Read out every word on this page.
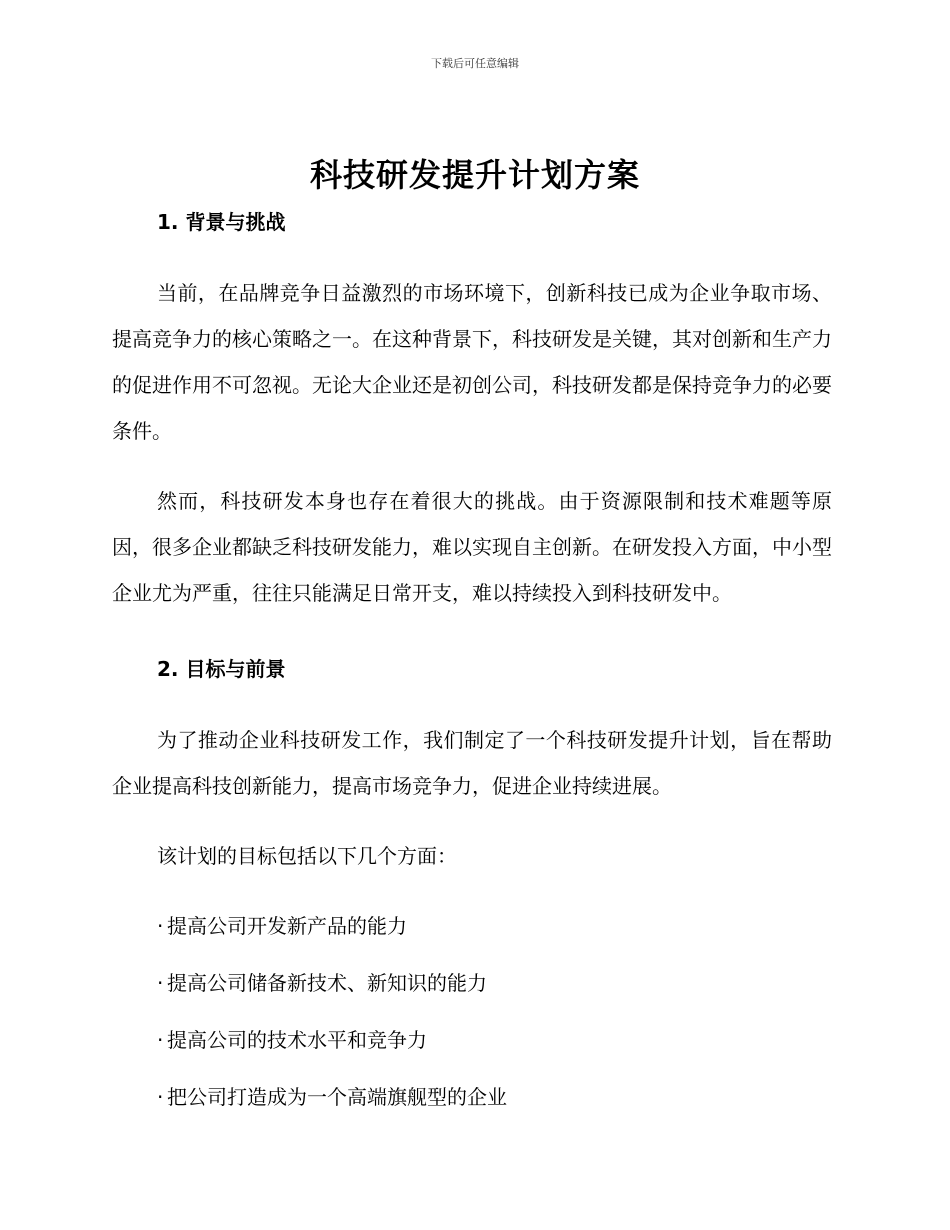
下载后可任意编辑
科技研发提升计划方案
1. 背景与挑战

当前，在品牌竞争日益激烈的市场环境下，创新科技已成为企业争取市场、提高竞争力的核心策略之一。在这种背景下，科技研发是关键，其对创新和生产力的促进作用不可忽视。无论大企业还是初创公司，科技研发都是保持竞争力的必要条件。

然而，科技研发本身也存在着很大的挑战。由于资源限制和技术难题等原因，很多企业都缺乏科技研发能力，难以实现自主创新。在研发投入方面，中小型企业尤为严重，往往只能满足日常开支，难以持续投入到科技研发中。

2. 目标与前景

为了推动企业科技研发工作，我们制定了一个科技研发提升计划，旨在帮助企业提高科技创新能力，提高市场竞争力，促进企业持续进展。

该计划的目标包括以下几个方面：

· 提高公司开发新产品的能力
· 提高公司储备新技术、新知识的能力
· 提高公司的技术水平和竞争力
· 把公司打造成为一个高端旗舰型的企业
